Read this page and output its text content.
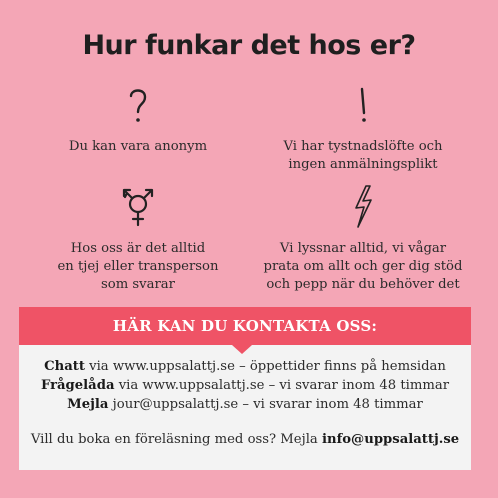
Hur funkar det hos er?
Du kan vara anonym	Vi har tystnadslöfte och
ingen anmälningsplikt
Hos oss är det alltid
en tjej eller transperson
som svarar
Vi lyssnar alltid, vi vågar
prata om allt och ger dig stöd
och pepp när du behöver det
HÄR KAN DU KONTAKTA OSS:
Chatt via www.uppsalattj.se – öppettider finns på hemsidan
Frågelåda via www.uppsalattj.se – vi svarar inom 48 timmar
Mejla jour@uppsalattj.se – vi svarar inom 48 timmar
Vill du boka en föreläsning med oss? Mejla info@uppsalattj.se
